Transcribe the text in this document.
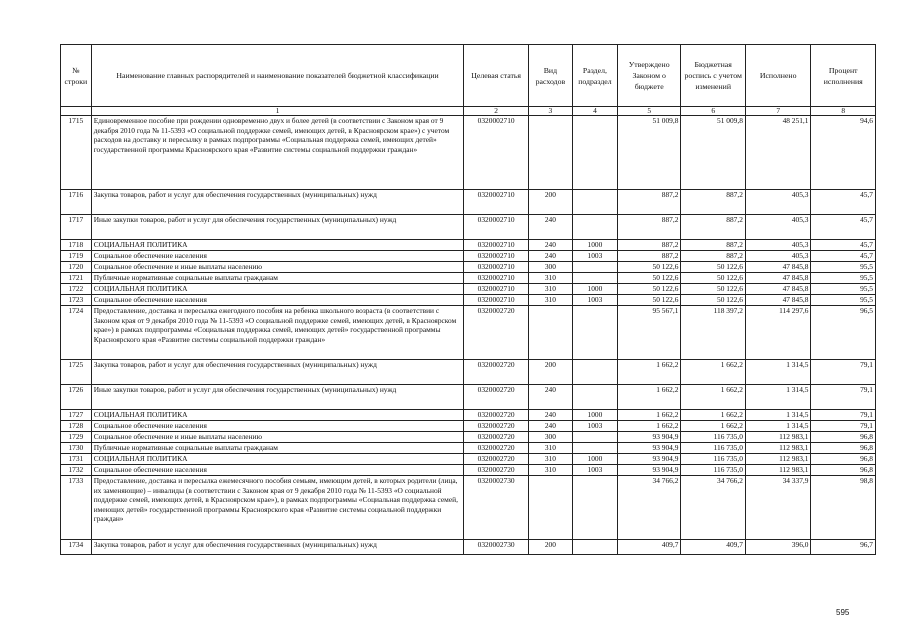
№ строки	Наименование главных распорядителей и наименование показателей бюджетной классификации	Целевая статья	Вид расходов	Раздел, подраздел	Утверждено Законом о бюджете	Бюджетная роспись с учетом изменений	Исполнено	Процент исполнения
	1	2	3	4	5	6	7	8
1715	Единовременное пособие при рождении одновременно двух и более детей (в соответствии с Законом края от 9 декабря 2010 года № 11-5393 «О социальной поддержке семей, имеющих детей, в Красноярском крае») с учетом расходов на доставку и пересылку в рамках подпрограммы «Социальная поддержка семей, имеющих детей» государственной программы Красноярского края «Развитие системы социальной поддержки граждан»	0320002710			51 009,8	51 009,8	48 251,1	94,6
1716	Закупка товаров, работ и услуг для обеспечения государственных (муниципальных) нужд	0320002710	200		887,2	887,2	405,3	45,7
1717	Иные закупки товаров, работ и услуг для обеспечения государственных (муниципальных) нужд	0320002710	240		887,2	887,2	405,3	45,7
1718	СОЦИАЛЬНАЯ ПОЛИТИКА	0320002710	240	1000	887,2	887,2	405,3	45,7
1719	Социальное обеспечение населения	0320002710	240	1003	887,2	887,2	405,3	45,7
1720	Социальное обеспечение и иные выплаты населению	0320002710	300		50 122,6	50 122,6	47 845,8	95,5
1721	Публичные нормативные социальные выплаты гражданам	0320002710	310		50 122,6	50 122,6	47 845,8	95,5
1722	СОЦИАЛЬНАЯ ПОЛИТИКА	0320002710	310	1000	50 122,6	50 122,6	47 845,8	95,5
1723	Социальное обеспечение населения	0320002710	310	1003	50 122,6	50 122,6	47 845,8	95,5
1724	Предоставление, доставка и пересылка ежегодного пособия на ребенка школьного возраста (в соответствии с Законом края от 9 декабря 2010 года № 11-5393 «О социальной поддержке семей, имеющих детей, в Красноярском крае») в рамках подпрограммы «Социальная поддержка семей, имеющих детей» государственной программы Красноярского края «Развитие системы социальной поддержки граждан»	0320002720			95 567,1	118 397,2	114 297,6	96,5
1725	Закупка товаров, работ и услуг для обеспечения государственных (муниципальных) нужд	0320002720	200		1 662,2	1 662,2	1 314,5	79,1
1726	Иные закупки товаров, работ и услуг для обеспечения государственных (муниципальных) нужд	0320002720	240		1 662,2	1 662,2	1 314,5	79,1
1727	СОЦИАЛЬНАЯ ПОЛИТИКА	0320002720	240	1000	1 662,2	1 662,2	1 314,5	79,1
1728	Социальное обеспечение населения	0320002720	240	1003	1 662,2	1 662,2	1 314,5	79,1
1729	Социальное обеспечение и иные выплаты населению	0320002720	300		93 904,9	116 735,0	112 983,1	96,8
1730	Публичные нормативные социальные выплаты гражданам	0320002720	310		93 904,9	116 735,0	112 983,1	96,8
1731	СОЦИАЛЬНАЯ ПОЛИТИКА	0320002720	310	1000	93 904,9	116 735,0	112 983,1	96,8
1732	Социальное обеспечение населения	0320002720	310	1003	93 904,9	116 735,0	112 983,1	96,8
1733	Предоставление, доставка и пересылка ежемесячного пособия семьям, имеющим детей, в которых родители (лица, их заменяющие) – инвалиды (в соответствии с Законом края от 9 декабря 2010 года № 11-5393 «О социальной поддержке семей, имеющих детей, в Красноярском крае»), в рамках подпрограммы «Социальная поддержка семей, имеющих детей» государственной программы Красноярского края «Развитие системы социальной поддержки граждан»	0320002730			34 766,2	34 766,2	34 337,9	98,8
1734	Закупка товаров, работ и услуг для обеспечения государственных (муниципальных) нужд	0320002730	200		409,7	409,7	396,0	96,7
595
